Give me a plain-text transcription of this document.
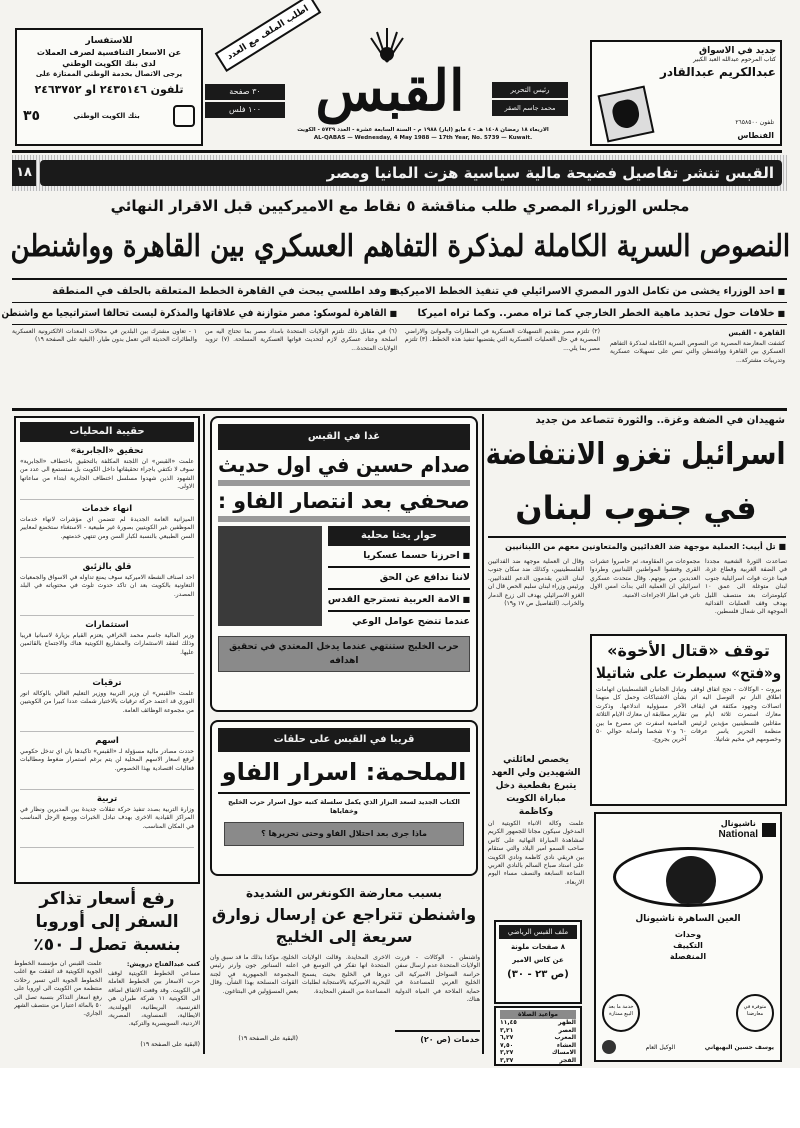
للاستفسار
عن الاسعار التنافسية لصرف العملات
لدى بنك الكويت الوطني
يرجى الاتصال بخدمة الوطني الممتازة على
تلفون ٢٤٣٥١٤٦ او ٢٤٦٣٧٥٢
٣٥	بنك الكويت الوطني
اطلب الملف مع العدد
٣٠ صفحة
١٠٠ فلس القبس	رئيس التحرير
محمد جاسم الصقر
الاربعاء ١٨ رمضان ١٤٠٨ هـ - ٤ مايو (ايار) ١٩٨٨ م - السنة السابعة عشرة - العدد ٥٧٣٩ - الكويت
AL-QABAS — Wednesday, 4 May 1988 — 17th Year, No. 5739 — Kuwait.
جديد في الاسواق
كتاب المرحوم عبدالله العبد الكبير
عبدالكريم عبدالقادر
تلفون ٢٦٥٨٥٠٠
الفنطاس
القبس تنشر تفاصيل فضيحة مالية سياسية هزت المانيا ومصر
١٨
مجلس الوزراء المصري طلب مناقشة ٥ نقاط مع الاميركيين قبل الاقرار النهائي
النصوص السرية الكاملة لمذكرة التفاهم العسكري بين القاهرة وواشنطن
■ احد الوزراء يخشى من تكامل الدور المصري الاسرائيلي في تنفيذ الخطط الاميركية
■ وفد اطلسي يبحث في القاهرة الخطط المتعلقة بالحلف في المنطقة
■ خلافات حول تحديد ماهية الخطر الخارجي كما تراه مصر.. وكما تراه اميركا
■ القاهرة لموسكو: مصر متوازنة في علاقاتها والمذكرة ليست تحالفا استراتيجيا مع واشنطن
القاهرة - القبس
كشفت المعارضة المصرية عن النصوص السرية الكاملة لمذكرة التفاهم العسكري بين القاهرة وواشنطن والتي تنص على تسهيلات عسكرية وتدريبات مشتركة...
(٢) تلتزم مصر بتقديم التسهيلات العسكرية في المطارات والموانئ والاراضي المصرية في حال العمليات العسكرية التي يقتضيها تنفيذ هذه الخطط. (٣) تلتزم مصر بما يلي...
(٦) في مقابل ذلك تلتزم الولايات المتحدة بامداد مصر بما تحتاج اليه من اسلحة وعتاد عسكري لازم لتحديث قواتها العسكرية المسلحة. (٧) تزويد الولايات المتحدة...
١ - تعاون مشترك بين البلدين في مجالات المعدات الالكترونية العسكرية والطائرات الحديثة التي تعمل بدون طيار. (البقية على الصفحة ١٩)
حقيبة المحليات
تحقيق «الجابرية»
علمت «القبس» ان اللجنة المكلفة بالتحقيق باختطاف «الجابرية» سوف لا تكتفي باجراء تحقيقاتها داخل الكويت بل ستستمع الى عدد من الشهود الذين شهدوا مسلسل اختطاف الجابرية ابتداء من ساعاتها الاولى.
انهاء خدمات
الميزانية العامة الجديدة لم تتضمن اي مؤشرات لانهاء خدمات الموظفين غير الكويتيين بصورة غير طبيعية - الاستغناء ستخضع لمعايير السن الطبيعي بالنسبة لكبار السن ومن تنتهي خدمتهم.
قلق بالزئبق
احد اصناف الشطة الاميركية سوف يمنع تداوله في الاسواق والجمعيات التعاونية بالكويت بعد ان تاكد حدوث تلوث في محتوياته في البلد المصدر.
استثمارات
وزير المالية جاسم محمد الخرافي يعتزم القيام بزيارة لاسبانيا قريبا وذلك لتفقد الاستثمارات والمشاريع الكويتية هناك والاجتماع بالقائمين عليها.
ترقيات
علمت «القبس» ان وزير التربية ووزير التعليم العالي بالوكالة انور النوري قد اعتمد حركة ترقيات بالاختيار شملت عددا كبيرا من الكويتيين من مجموعة الوظائف العامة.
اسهم
حددت مصادر مالية مسؤولة لـ «القبس» تاكيدها بان اي تدخل حكومي لرفع اسعار الاسهم المحلية لن يتم برغم استمرار ضغوط ومطالبات فعاليات اقتصادية بهذا الخصوص.
تربية
وزارة التربية بصدد تنفيذ حركة تنقلات جديدة بين المديرين ونظار في المراكز القيادية الاخرى بهدف تبادل الخبرات ووضع الرجل المناسب في المكان المناسب.
رفع أسعار تذاكر السفر إلى أوروبا بنسبة تصل لـ ٥٠٪
كتب عبدالفتاح درويش:
مساعي الخطوط الكويتية لوقف حرب الاسعار بين الخطوط العاملة في الكويت. وقد وقعت الاتفاق اضافة الى الكويتية ١١ شركة طيران هي الفرنسية، البريطانية، الهولندية، الايطالية، النمساوية، المصرية، الاردنية، السويسرية والتركية.
علمت القبس ان مؤسسة الخطوط الجوية الكويتية قد اتفقت مع اغلب الخطوط الجوية التي تسير رحلات منتظمة من الكويت الى اوروبا على رفع اسعار التذاكر بنسبة تصل الى ٥٠ بالمائة اعتبارا من منتصف الشهر الجاري.
(البقية على الصفحة ١٩)
غدا في القبس
صدام حسين في اول حديث
صحفي بعد انتصار الفاو :
حوار يختا محلية
■ احرزنا حسما عسكريا
لاننا ندافع عن الحق
■ الامة العربية تسترجع القدس
عندما تتضح عوامل الوعي
حرب الخليج ستنتهي عندما يدخل المعتدي في تحقيق اهدافه
قريبا في القبس على حلقات
الملحمة: اسرار الفاو
الكتاب الجديد لسعد البزاز الذي يكمل سلسلة كتبه حول اسرار حرب الخليج وخفاياها
ماذا جرى بعد احتلال الفاو وحتى تحريرها ؟
بسبب معارضة الكونغرس الشديدة
واشنطن تتراجع عن إرسال زوارق سريعة إلى الخليج
واشنطن - الوكالات - قررت الولايات المتحدة عدم ارسال سفن حراسة السواحل الاميركية الى الخليج العربي للمساعدة في حماية الملاحة في المياه الدولية هناك.
الاخرى المحايدة. وقالت الولايات المتحدة انها تفكر في التوسع في دورها في الخليج بحيث يسمح للبحرية الاميركية بالاستجابة لطلبات المساعدة من السفن المحايدة.
الخليج، مؤكدا بذلك ما قد سبق وان اعلنه السناتور جون وارنر رئيس المجموعة الجمهورية في لجنة القوات المسلحة بهذا الشأن. وقال بعض المسؤولين في البنتاغون.
(البقية على الصفحة ١٩)	خدمات (ص ٢٠)
شهيدان في الضفة وغزة.. والثورة تتصاعد من جديد
اسرائيل تغزو الانتفاضة
في جنوب لبنان
■ تل أبيب: العملية موجهة ضد الفدائيين والمتعاونين معهم من اللبنانيين
تصاعدت الثورة الشعبية مجددا في الضفة الغربية وقطاع غزة، فيما غزت قوات اسرائيلية جنوب لبنان متوغلة الى عمق ١٠ كيلومترات بعد منتصف الليل بهدف وقف العمليات الفدائية الموجهة الى شمال فلسطين.
مجموعات من المقاومة، ثم حاصروا عشرات القرى وفتشوا المواطنين اللبنانيين وطردوا العديدين من بيوتهم. وقال متحدث عسكري اسرائيلي ان العملية التي بدأت امس الاول تاتي في اطار الاجراءات الامنية.
وقال ان العملية موجهة ضد الفدائيين الفلسطينيين، وكذلك ضد سكان جنوب لبنان الذين يقدمون الدعم للفدائيين. ورئيس وزراء لبنان سليم الحص قال ان الغزو الاسرائيلي يهدف الى زرع الدمار والخراب. (التفاصيل ص ١٧ و١٩)
توقف «قتال الأخوة»
و«فتح» سيطرت على شاتيلا
بيروت - الوكالات - نجح اتفاق لوقف اطلاق النار تم التوصل اليه اثر اتصالات وجهود مكثفة في ايقاف معارك استمرت ثلاثة ايام بين مقاتلين فلسطينيين مؤيدين لرئيس منظمة التحرير ياسر عرفات وخصومهم في مخيم شاتيلا.
وتبادل الجانبان الفلسطينيان اتهامات بشأن الاشتباكات وحمل كل منهما الآخر مسؤولية اندلاعها. وذكرت تقارير مطابقة ان معارك الايام الثلاثة الماضية اسفرت عن مصرع ما بين ٦٠ و٧٠ شخصا واصابة حوالي ٥٠ آخرين بجروح.
يخصص لعائلتي الشهيدين ولي العهد يتبرع بقطعية دخل مباراة الكويت وكاظمة
علمت وكالة الانباء الكويتية ان المدخول سيكون مجانا للجمهور الكريم لمشاهدة المباراة النهائية على كاس صاحب السمو امير البلاد والتي ستقام بين فريقي نادي كاظمة ونادي الكويت على استاد صباح السالم بالنادي العربي الساعة السابعة والنصف مساء اليوم الاربعاء.
ملف القبس الرياضي
٨ صفحات ملونة
عن كاس الامير
(ص ٢٣ - ٣٠)
مواعيد الصلاة
الظهر
١١,٤٥
العصر
٣,٢١
المغرب
٦,٢٧
العشاء
٧,٥٠
الامساك
٣,٢٧
الفجر
٣,٣٧
ناشيونال
National
العين الساهرة ناشيونال
وحدات
التكييف
المنفصلة
خدمة ما بعد البيع ممتازة
متوفرة في معارضنا
يوسف حسين البهبهاني
الوكيل العام
